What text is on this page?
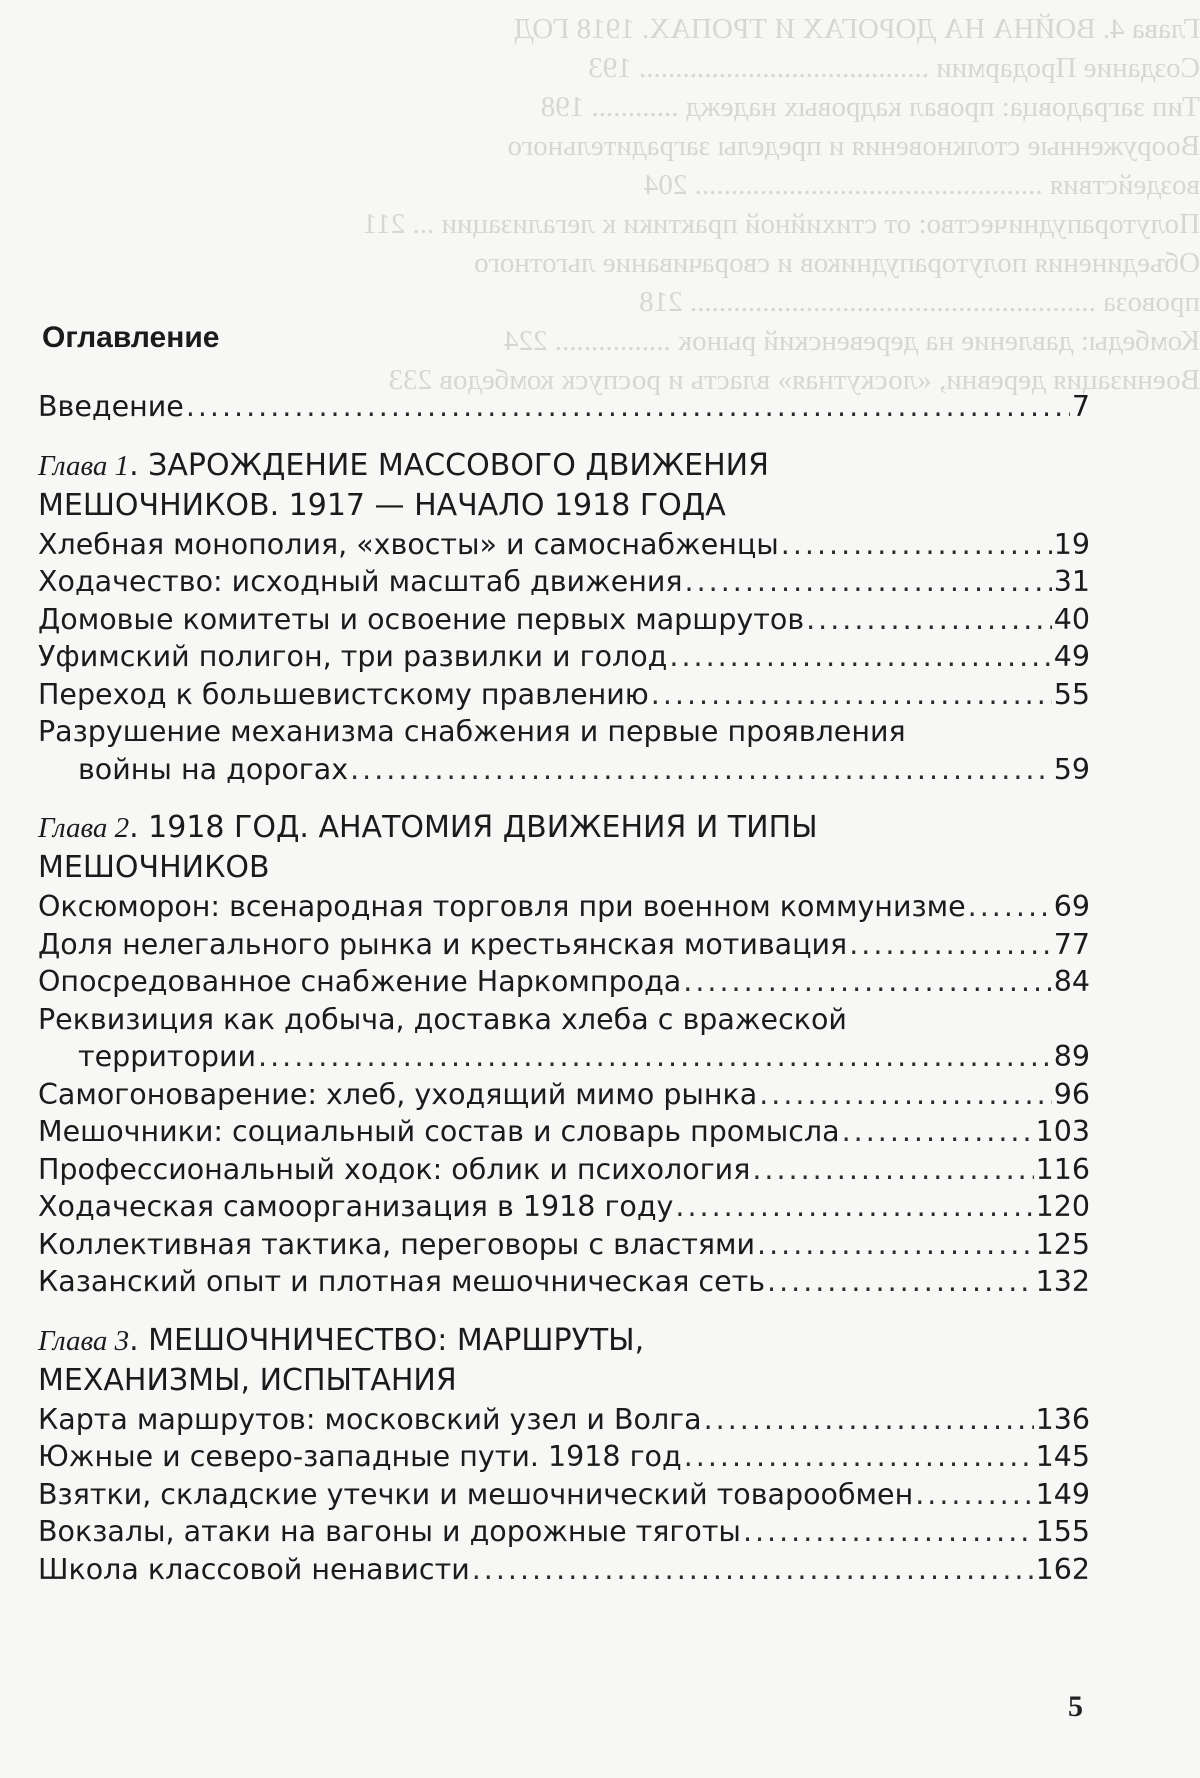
Глава 4. ВОЙНА НА ДОРОГАХ И ТРОПАХ. 1918 ГОД
Создание Продармии ........................................ 193
Тип заградовца: провал кадровых надежд ............ 198
Вооруженные столкновения и пределы заградительного
воздействия ................................................ 204
Полуторапудничество: от стихийной практики к легализации ... 211
Объединения полуторапудников и сворачивание льготного
провоза ........................................................ 218
Комбеды: давление на деревенский рынок ................ 224
Военизация деревни, «лоскутная» власть и роспуск комбедов 233
Оглавление
Введение .....	7
Глава 1. ЗАРОЖДЕНИЕ МАССОВОГО ДВИЖЕНИЯ
МЕШОЧНИКОВ. 1917 — НАЧАЛО 1918 ГОДА
Хлебная монополия, «хвосты» и самоснабженцы .....	19
Ходачество: исходный масштаб движения .....	31
Домовые комитеты и освоение первых маршрутов .....	40
Уфимский полигон, три развилки и голод .....	49
Переход к большевистскому правлению .....	55
Разрушение механизма снабжения и первые проявления
войны на дорогах .....	59
Глава 2. 1918 ГОД. АНАТОМИЯ ДВИЖЕНИЯ И ТИПЫ
МЕШОЧНИКОВ
Оксюморон: всенародная торговля при военном коммунизме .....	69
Доля нелегального рынка и крестьянская мотивация .....	77
Опосредованное снабжение Наркомпрода .....	84
Реквизиция как добыча, доставка хлеба с вражеской
территории .....	89
Самогоноварение: хлеб, уходящий мимо рынка .....	96
Мешочники: социальный состав и словарь промысла .....	103
Профессиональный ходок: облик и психология .....	116
Ходаческая самоорганизация в 1918 году .....	120
Коллективная тактика, переговоры с властями .....	125
Казанский опыт и плотная мешочническая сеть .....	132
Глава 3. МЕШОЧНИЧЕСТВО: МАРШРУТЫ,
МЕХАНИЗМЫ, ИСПЫТАНИЯ
Карта маршрутов: московский узел и Волга .....	136
Южные и северо-западные пути. 1918 год .....	145
Взятки, складские утечки и мешочнический товарообмен .....	149
Вокзалы, атаки на вагоны и дорожные тяготы .....	155
Школа классовой ненависти .....	162
5
